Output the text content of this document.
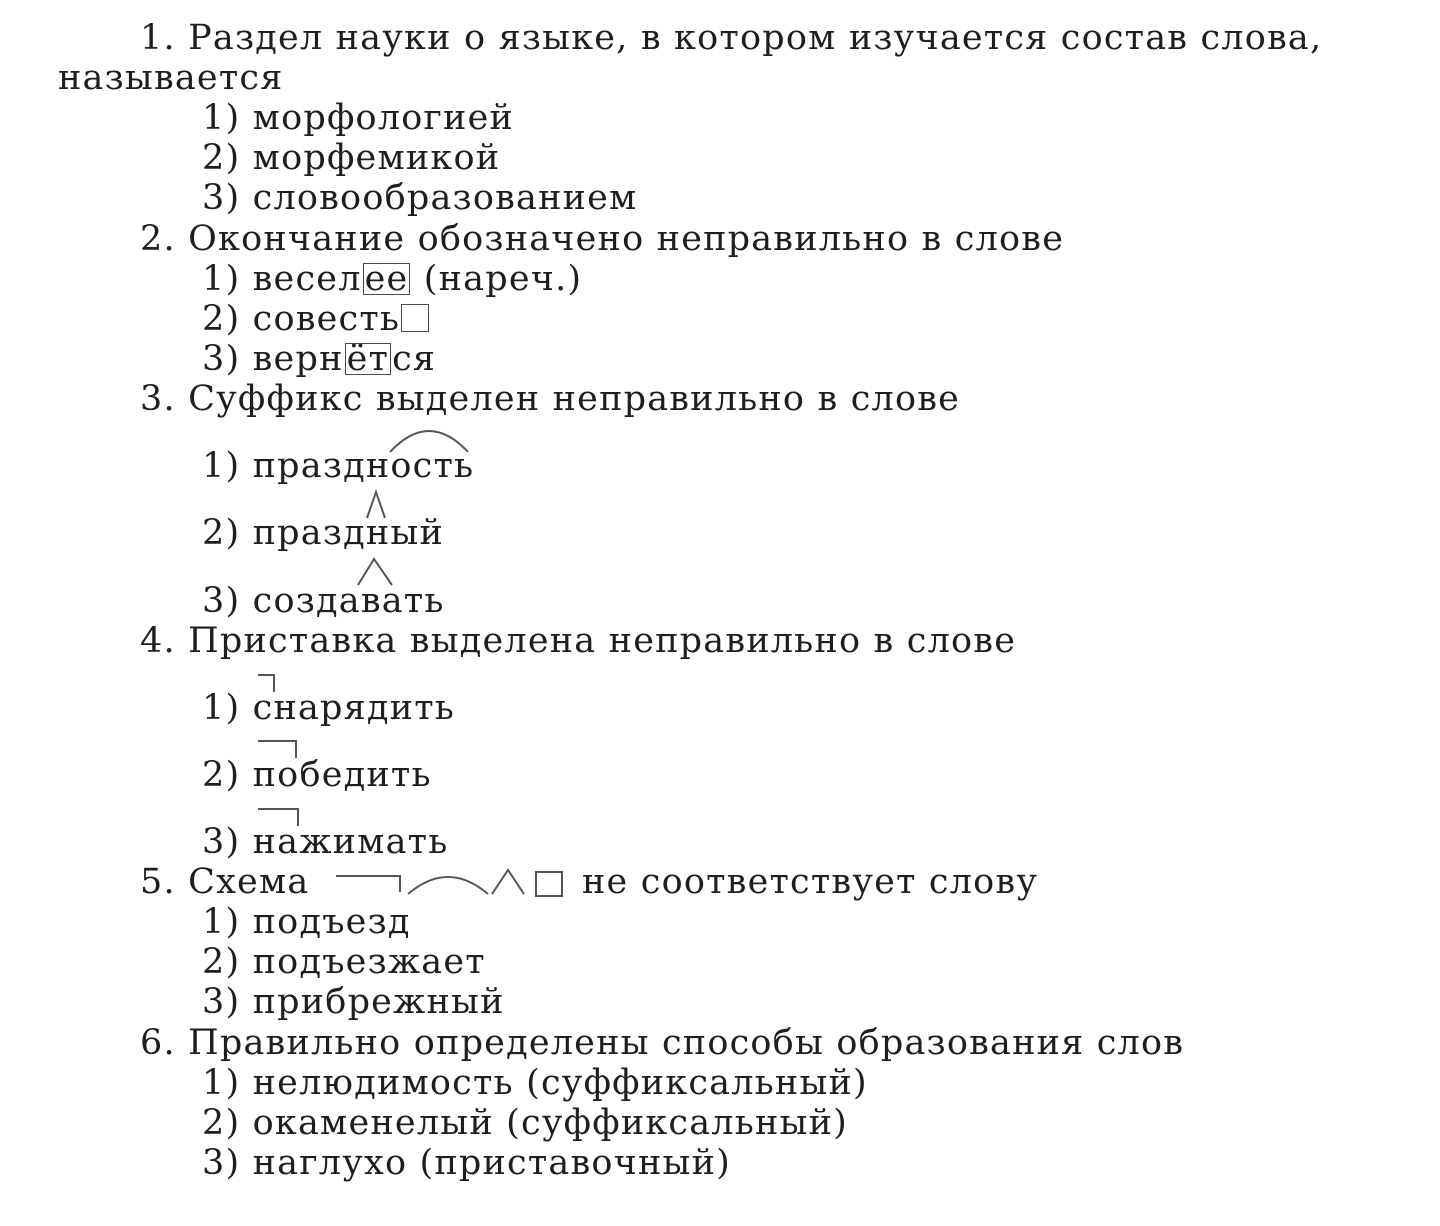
1. Раздел науки о языке, в котором изучается состав слова,
называется
1) морфологией
2) морфемикой
3) словообразованием
2. Окончание обозначено неправильно в слове
1) веселее (нареч.)
2) совесть
3) вернётся
3. Суффикс выделен неправильно в слове
1) праздность
2) праздный
3) создавать
4. Приставка выделена неправильно в слове
1) снарядить
2) победить
3) нажимать
5. Схема	не соответствует слову
1) подъезд
2) подъезжает
3) прибрежный
6. Правильно определены способы образования слов
1) нелюдимость (суффиксальный)
2) окаменелый (суффиксальный)
3) наглухо (приставочный)
